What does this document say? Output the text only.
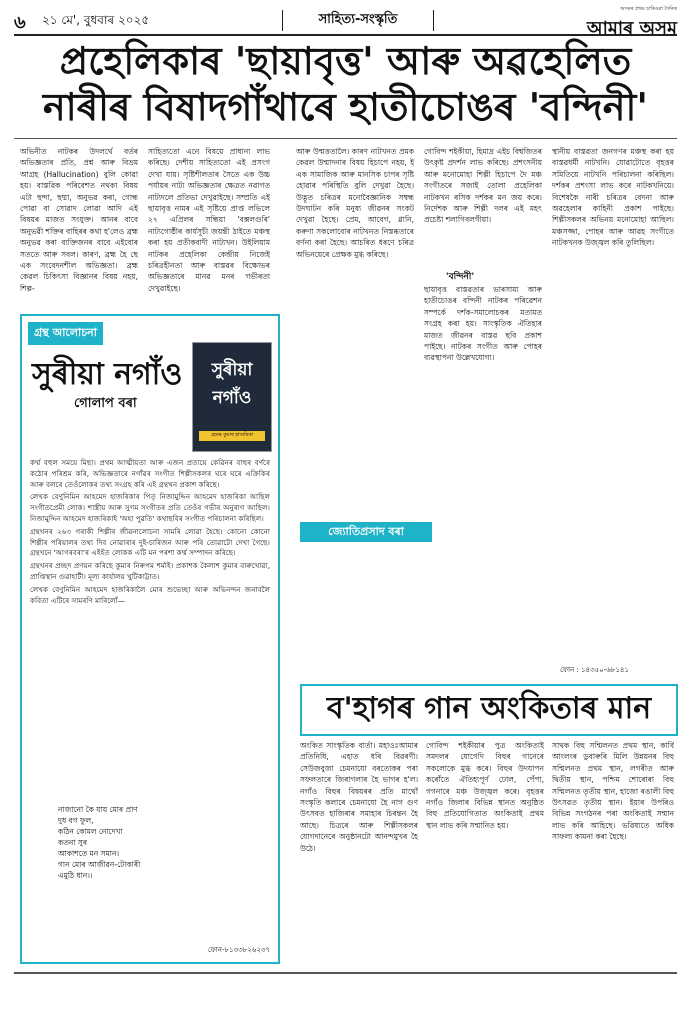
৬ ২১ মে', বুধবাৰ ২০২৫	সাহিত্য-সংস্কৃতি
অসমৰ প্ৰথম চাৰিওৱা দৈনিক
আমাৰ অসম
প্ৰহেলিকাৰ 'ছায়াবৃত্ত' আৰু অৱহেলিত
নাৰীৰ বিষাদগাঁথাৰে হাতীচোঙৰ 'বন্দিনী'
অভিনীত নাটকৰ উদলৰ্থে বৰ্তৰ অভিজ্ঞতাৰ প্ৰতি, প্ৰশ্ন আৰু বিভ্ৰম আগ্ৰহ (Hallucination) বুলি কোৱা হয়। বাস্তৱিক পৰিবেশত নথকা বিষয় এটা ছন্দা, ছদ্মা, অনুভৱ কৰা, গোন্ধ পোৱা বা সোৱাদ লোৱা আদি এই বিষয়ৰ মাজত সংযুক্ত। আনৰ বাবে অনুভৱী শক্তিৰ বাহিৰৰ কথা হ'লেও ব্ৰহ্ম অনুভৱ কৰা ব্যক্তিজনৰ বাবে এইবোৰ সততে আৰু সবল। কাৰণ, ব্ৰহ্ম হৈ ছে এক সংবেদনশীল অভিজ্ঞতা। ব্ৰহ্ম কেৱল চিকিৎসা বিজ্ঞানৰ বিষয় নহয়, শিল্প-
সাহিত্যতো এনে বিষয়ে প্ৰাধান্য লাভ কৰিছে। দেশীয় সাহিত্যতো এই প্ৰসংগ দেখা যায়। সৃষ্টিশীলতাৰ সৈতে এক উচ্চ পৰ্যায়ৰ নাট্য অভিজ্ঞতাৰ ক্ষেত্ৰত নৱাগত নাট্যদলে প্ৰতিভা দেখুৱাইছে। সম্প্ৰতি এই ছায়াবৃত্ত নামৰ এই সৃষ্টিয়ে প্ৰাপ্ত লভিলে ২৭ এপ্ৰিলৰ সন্ধিয়া 'বক্সলগুৰি' নাট্যগোষ্ঠীৰ কাৰ্যসূচী জয়ন্তী ঠাইতে মঞ্চস্থ কৰা হয় প্ৰতীকবাদী নাট্যখন। উইলিয়াম নাটকৰ প্ৰহেলিকা কেন্দ্ৰীয় নিজেই চৰিত্ৰহীনতা আৰু বাস্তৱৰ বিক্ষোভৰ অভিজ্ঞতাৰে মানৱ মনৰ গভীৰতা দেখুৱাইছে।
আৰু উন্মত্ততালৈ। কাৰণ নাটখনত প্ৰমক কেৱল উন্মাদনাৰ বিষয় হিচাপে নহয়, ই এক সামাজিক আৰু মানসিক চাপৰ সৃষ্টি হোৱাৰ পৰিস্থিতি বুলি দেখুৱা হৈছে। উদ্ভূত চৰিত্ৰৰ মনোবৈজ্ঞানিক সম্বন্ধ উদঘাটন কৰি মনুষ্য জীৱনৰ সংকট দেখুৱা হৈছে। প্ৰেম, আবেগ, গ্লানি, কৰুণা সকলোবোৰ নাটখনত নিস্তব্ধতাৰে বৰ্ণনা কৰা হৈছে। আচৰিত ধৰণে চৰিত্ৰ অভিনয়েৰে প্ৰেক্ষক মুগ্ধ কৰিছে।
গোবিন্দ শইকীয়া, হিমাদ্ৰ এইচ বিশ্বজিতৰ উৎকৃষ্ট প্ৰদৰ্শন লাভ কৰিছে। প্ৰশংসনীয় আৰু মনোমোহা শিল্পী হিচাপে দৈ মঞ্চ সংগীতৰে সজাই তোলা প্ৰহেলিকা নাটকখন ৰসিক দৰ্শকৰ মন জয় কৰে। নিৰ্দেশক আৰু শিল্পী দলৰ এই মহৎ প্ৰচেষ্টা শলাগিবলগীয়া।
'বন্দিনী'
ছায়াবৃত্ত বাস্তৱতাৰ ভাৰসাম্য আৰু হাতীচোঙৰ বন্দিনী নাটকৰ পৰিৱেশন সম্পৰ্কে দৰ্শক-সমালোচকৰ মতামত সংগ্ৰহ কৰা হয়। সাংস্কৃতিক ঐতিহ্যৰ মাজত জীৱনৰ বাস্তৱ ছবি প্ৰকাশ পাইছে। নাটকৰ সংগীত আৰু পোহৰ ব্যৱস্থাপনা উল্লেখযোগ্য।
স্থানীয় বাস্তৱতা জনগণৰ মঞ্চস্থ কৰা হয় বাস্তৱধৰ্মী নাটখনি। যোৱাটোতে বৃহত্তৰ সমিতিয়ে নাটখনি পৰিচালনা কৰিছিল। দৰ্শকৰ প্ৰশংসা লাভ কৰে নাটকখনিয়ে। বিশেষকৈ নাৰী চৰিত্ৰৰ বেদনা আৰু অৱহেলাৰ কাহিনী প্ৰকাশ পাইছে। শিল্পীসকলৰ অভিনয় মনোমোহা আছিল। মঞ্চসজ্জা, পোহৰ আৰু আৱহ সংগীতে নাটকখনক উজ্জ্বল কৰি তুলিছিল।
ফোন : ১৪৩৫০-৬৮১৪১
জ্যোতিপ্ৰসাদ বৰা
গ্ৰন্থ আলোচনা
সুৰীয়া নগাঁও
গোলাপ বৰা
সুৰীয়া নগাঁও
হেমন্ত কুমাৰ হাজৰিকা

কৰ্ম্ম বহুল সময়ে মিছা। প্ৰথম আত্মীয়তা আৰু এজন প্ৰত্যয়ে কেৱিনৰ বাহুৰ বৰ্ণৰে কঠোৰ পৰিশ্ৰম কৰি, অভিজ্ঞতাৰে নগাঁৱৰ সংগীত শিল্পীসকলৰ ঘৰে ঘৰে এক্ৰিকিৰ আৰু বলৰে তেওঁলোকৰ তথ্য সংগ্ৰহ কৰি এই গ্ৰন্থখন প্ৰকাশ কৰিছে।

লেখক বেণুনিমিন আহমেদ হাজৰিকাৰ পিতৃ নিজামুদ্দিন আহমেদ হাজৰিকা আছিল সংগীতপ্ৰেমী লোক। শাস্ত্ৰীয় আৰু সুগম সংগীতৰ প্ৰতি তেওঁৰ গভীৰ অনুৰাগ আছিল। নিজামুদ্দিন আহমেদ হাজৰিকাই 'অহা পুৱতি' কথাছবিৰ সংগীত পৰিচালনা কৰিছিল।

গ্ৰন্থখনৰ ২৬৩ গৰাকী শিল্পীৰ জীৱনালোচনা সামৰি লোৱা হৈছে। কোনো কোনো শিল্পীৰ পৰিয়ালৰ তথ্য দিব নোৱাৰাৰ দুই-চাৰিজন আৰু পৰি তোৱাটো দেখা গৈছে। গ্ৰন্থখনে 'আগৰবৰা'ৰ এইহঁত লোকক এটি মন পৰশা কৰ্ম্ম সম্পাদন কৰিছে।

গ্ৰন্থখনৰ প্ৰচ্ছদ প্ৰণয়ন কৰিছে কুমাৰ নিৰুপম শৰ্মাই। প্ৰকাশক কৈলাশ কুমাৰ বাৰুখোৱা, প্ৰাপ্তিস্থান গুৱাহাটী। মূল্য কাৰ্যালয় খুটিকাট্টাত।

লেখক বেণুনিমিন আহমেদ হাজৰিকালৈ মোৰ শুভেচ্ছা আৰু অভিনন্দন জনাবলৈ কবিতা এটিৰে সামৰণি মাৰিলোঁ—

নাজানো কৈ যায় মোৰ প্ৰাণ
দুধ বগ ফুল,
কঠিন কোমল নোদেখা
কতনা সুৰ
আকাশতে মন সমান।
গান মোৰ আজীৱন-টোকাৰী
এমুঠি ধান।।
ফোন-৮১৩৩৮২৬২৩৭
ব'হাগৰ গান অংকিতাৰ মান
অংকিত সাংস্কৃতিক বাৰ্তা। মহাওঃআমাৰ প্ৰতিনিধি, এহাত ধৰি বিৱৰণী। সেউজবুজা চেমনাযো বৰতোকৰ পৰা সফলতাৰে জিৰাগলাৰ হৈ ভাগৰ হ'ল। নগাঁও বিহুৰ বিষয়ৰৰ প্ৰতি মাথোঁ সংস্কৃতি কলাৰে চেমনাযো হৈ নাগ গুণ উৎসবত হাজিৰাৰ সমাহাৰ চিৰন্তন হৈ আছে। চিত্ৰৰে আৰু শিল্পীসকলৰ যোগদানেৰে অনুষ্ঠানটো আনন্দমুখৰ হৈ উঠে।
গোবিন্দ শইকীয়াৰ পুত্ৰ অংকিতাই সমদলৰ যোগেদি বিহুৰ গানেৰে সকলোকে মুগ্ধ কৰে। বিহুৰ উদযাপন কৰোঁতে ঐতিহ্যপূৰ্ণ ঢোল, পেঁপা, গগনাৰে মঞ্চ উজ্জ্বল কৰে। বৃহত্তৰ নগাঁও জিলাৰ বিভিন্ন স্থানত অনুষ্ঠিত বিহু প্ৰতিযোগিতাত অংকিতাই প্ৰথম স্থান লাভ কৰি সন্মানিত হয়।
সাথক বিহু সন্মিলনত প্ৰথম স্থান, কাৰ্বি আংলংৰ ডুবাৰুৰি মিলি উন্নয়নৰ বিহু সন্মিলনত প্ৰথম স্থান, লগৰীত আৰু দ্বিতীয় স্থান, পশ্চিম শোৰোৰা বিহু সন্মিলনত তৃতীয় স্থান, হাজো ৰঙালী বিহু উৎসৱত তৃতীয় স্থান। ইয়াৰ উপৰিও বিভিন্ন সংগঠনৰ পৰা অংকিতাই সন্মান লাভ কৰি আহিছে। ভৱিষ্যতে অধিক সাফল্য কামনা কৰা হৈছে।
